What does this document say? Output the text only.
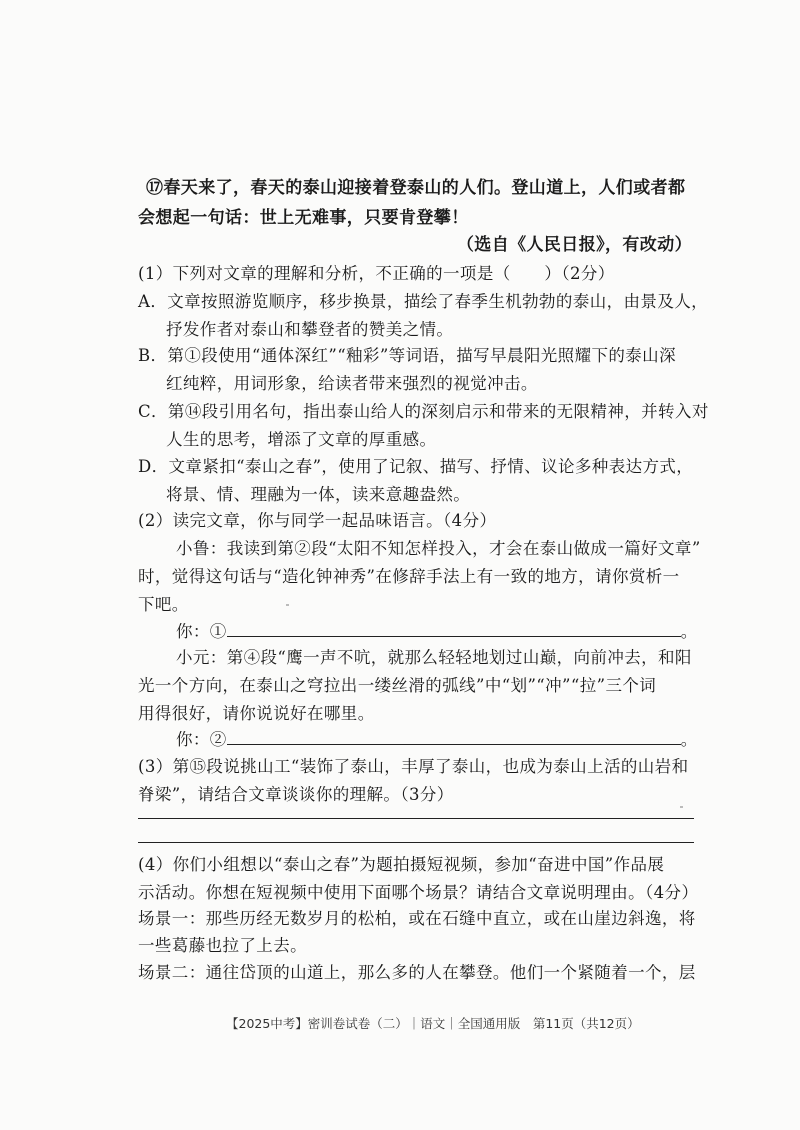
⑰春天来了，春天的泰山迎接着登泰山的人们。登山道上，人们或者都
会想起一句话：世上无难事，只要肯登攀！
（选自《人民日报》，有改动）
(1）下列对文章的理解和分析，不正确的一项是（　　）（2分）
A．文章按照游览顺序，移步换景，描绘了春季生机勃勃的泰山，由景及人，
抒发作者对泰山和攀登者的赞美之情。
B．第①段使用“通体深红”“釉彩”等词语，描写早晨阳光照耀下的泰山深
红纯粹，用词形象，给读者带来强烈的视觉冲击。
C．第⑭段引用名句，指出泰山给人的深刻启示和带来的无限精神，并转入对
人生的思考，增添了文章的厚重感。
D．文章紧扣“泰山之春”，使用了记叙、描写、抒情、议论多种表达方式，
将景、情、理融为一体，读来意趣盎然。
(2）读完文章，你与同学一起品味语言。（4分）
小鲁：我读到第②段“太阳不知怎样投入，才会在泰山做成一篇好文章”
时，觉得这句话与“造化钟神秀”在修辞手法上有一致的地方，请你赏析一
下吧。
你：①	。
小元：第④段“鹰一声不吭，就那么轻轻地划过山巅，向前冲去，和阳
光一个方向，在泰山之穹拉出一缕丝滑的弧线”中“划”“冲”“拉”三个词
用得很好，请你说说好在哪里。
你：②	。
(3）第⑮段说挑山工“装饰了泰山，丰厚了泰山，也成为泰山上活的山岩和
脊梁”，请结合文章谈谈你的理解。（3分）
(4）你们小组想以“泰山之春”为题拍摄短视频，参加“奋进中国”作品展
示活动。你想在短视频中使用下面哪个场景？请结合文章说明理由。（4分）
场景一：那些历经无数岁月的松柏，或在石缝中直立，或在山崖边斜逸，将
一些葛藤也拉了上去。
场景二：通往岱顶的山道上，那么多的人在攀登。他们一个紧随着一个，层
【2025中考】密训卷试卷（二）｜语文｜全国通用版　第11页（共12页）
